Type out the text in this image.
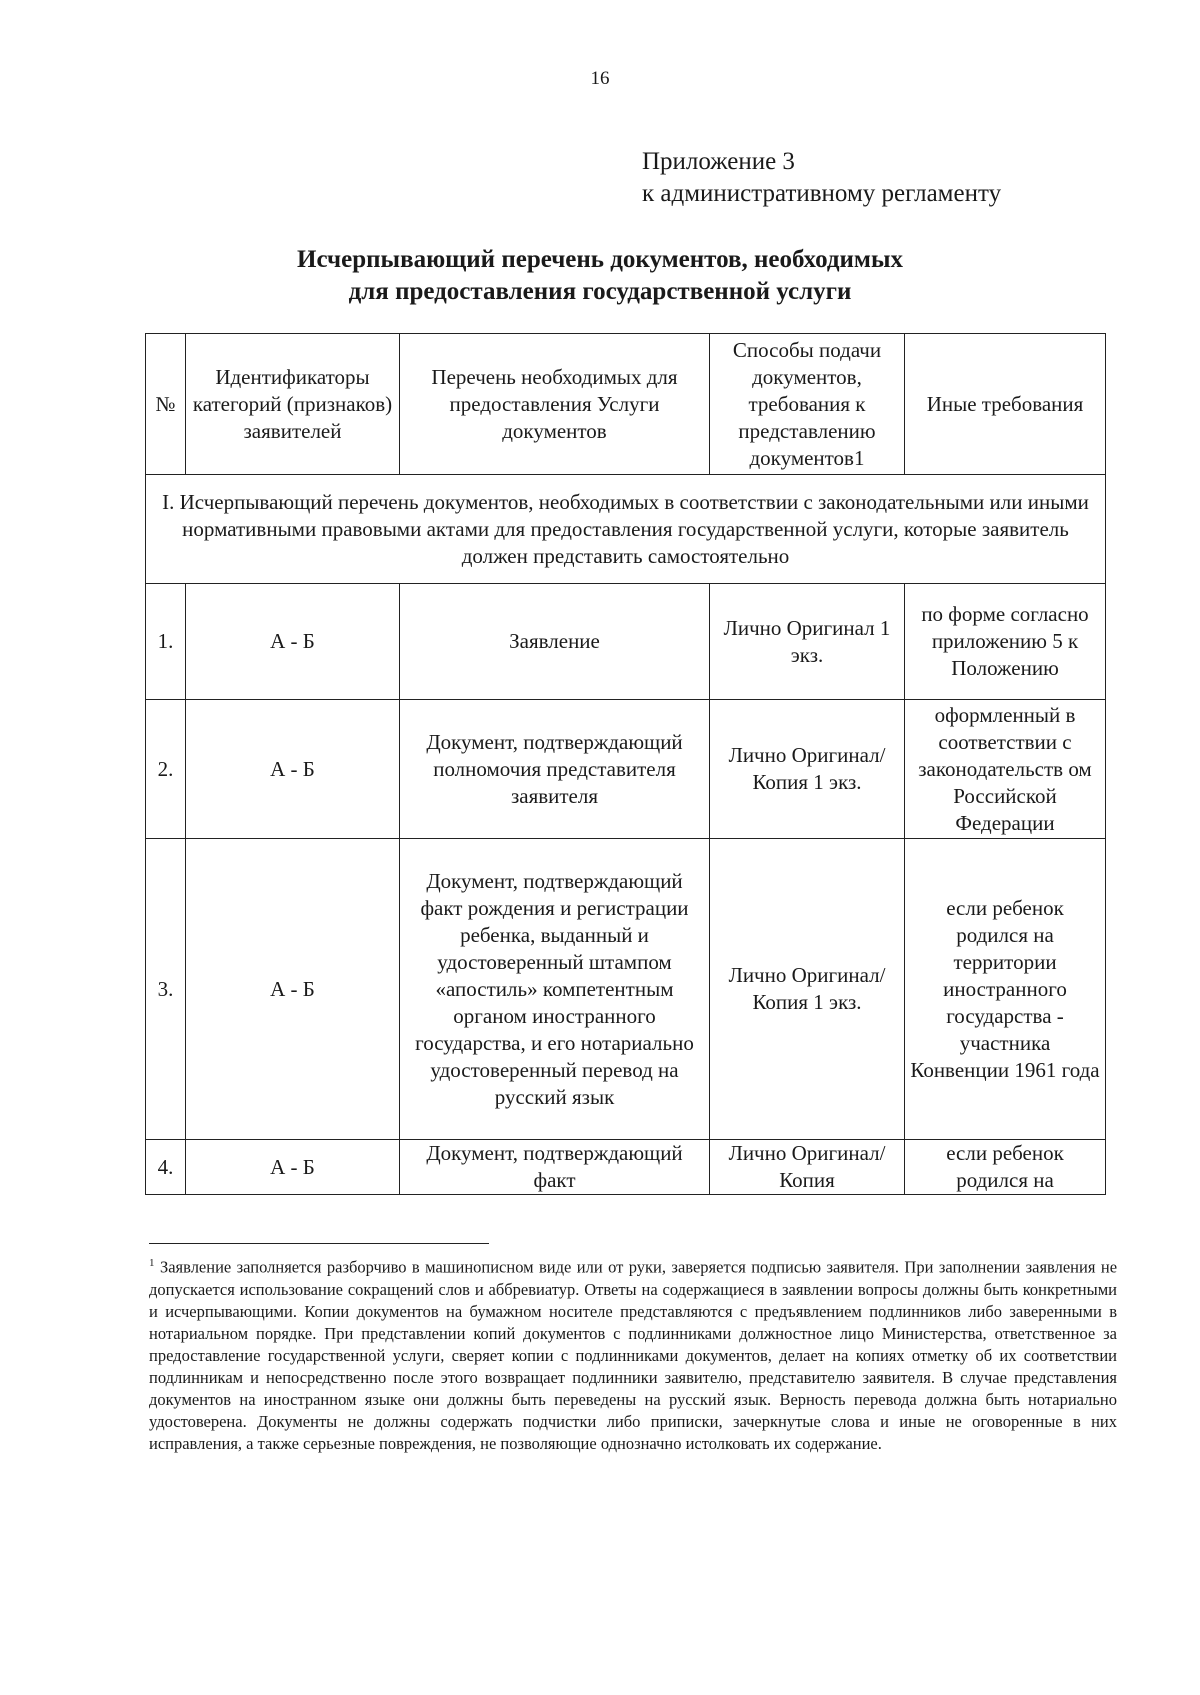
16
Приложение 3
к административному регламенту
Исчерпывающий перечень документов, необходимых
для предоставления государственной услуги
№	Идентификаторы категорий (признаков) заявителей	Перечень необходимых для предоставления Услуги документов	Способы подачи документов, требования к представлению документов1	Иные требования
I. Исчерпывающий перечень документов, необходимых в соответствии с законодательными или иными нормативными правовыми актами для предоставления государственной услуги, которые заявитель должен представить самостоятельно				
1.	А - Б	Заявление	Лично Оригинал 1 экз.	по форме согласно приложению 5 к Положению
2.	А - Б	Документ, подтверждающий полномочия представителя заявителя	Лично Оригинал/Копия 1 экз.	оформленный в соответствии с законодательств ом Российской Федерации
3.	А - Б	Документ, подтверждающий факт рождения и регистрации ребенка, выданный и удостоверенный штампом «апостиль» компетентным органом иностранного государства, и его нотариально удостоверенный перевод на русский язык	Лично Оригинал/Копия 1 экз.	если ребенок родился на территории иностранного государства - участника Конвенции 1961 года
4.	А - Б	Документ, подтверждающий факт	Лично Оригинал/Копия	если ребенок родился на
$^1$ Заявление заполняется разборчиво в машинописном виде или от руки, заверяется подписью заявителя. При заполнении заявления не допускается использование сокращений слов и аббревиатур. Ответы на содержащиеся в заявлении вопросы должны быть конкретными и исчерпывающими. Копии документов на бумажном носителе представляются с предъявлением подлинников либо заверенными в нотариальном порядке. При представлении копий документов с подлинниками должностное лицо Министерства, ответственное за предоставление государственной услуги, сверяет копии с подлинниками документов, делает на копиях отметку об их соответствии подлинникам и непосредственно после этого возвращает подлинники заявителю, представителю заявителя. В случае представления документов на иностранном языке они должны быть переведены на русский язык. Верность перевода должна быть нотариально удостоверена. Документы не должны содержать подчистки либо приписки, зачеркнутые слова и иные не оговоренные в них исправления, а также серьезные повреждения, не позволяющие однозначно истолковать их содержание.
